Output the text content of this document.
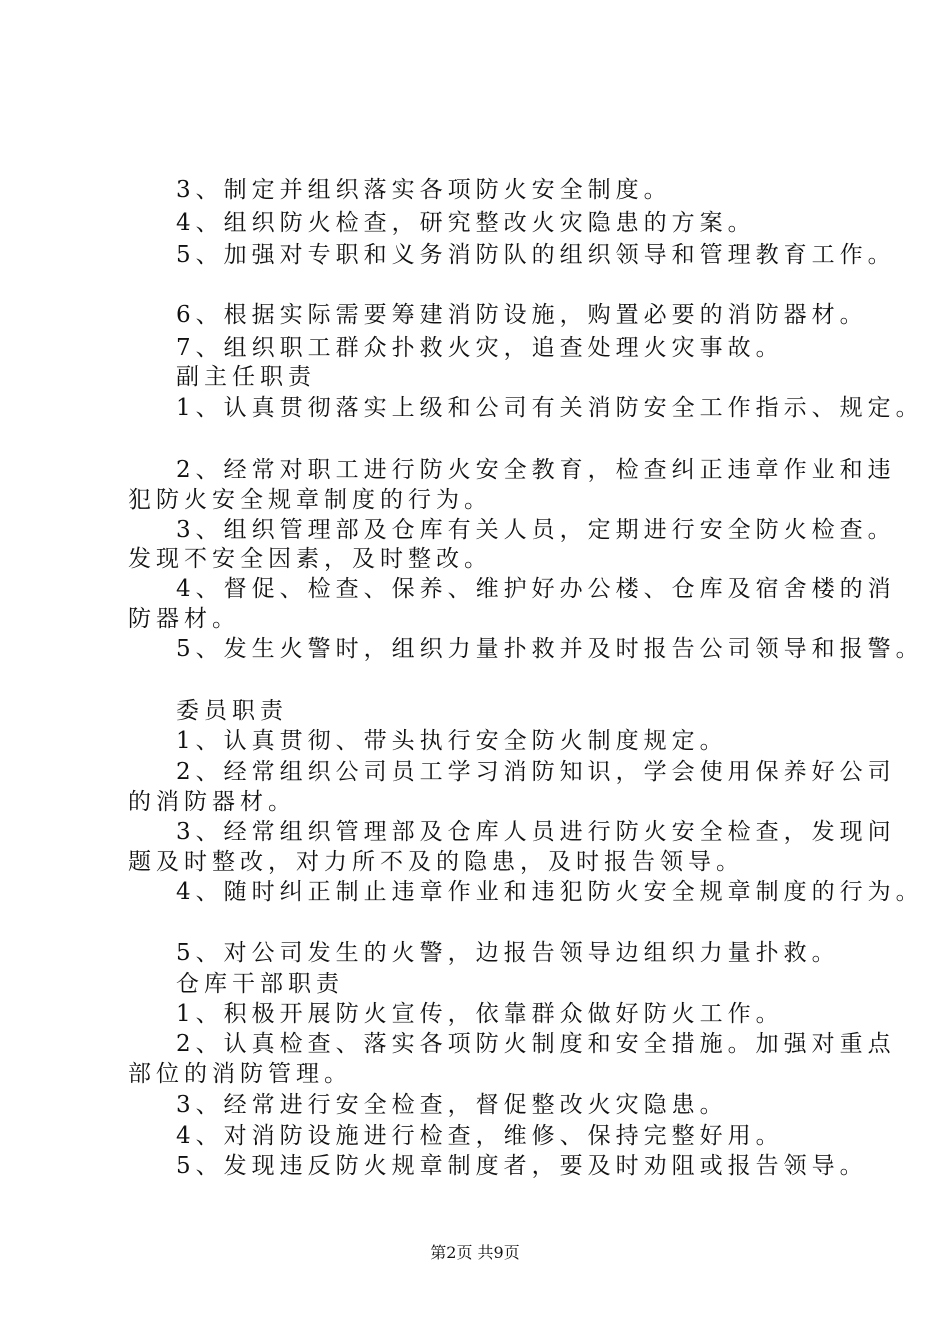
3、制定并组织落实各项防火安全制度。
4、组织防火检查，研究整改火灾隐患的方案。
5、加强对专职和义务消防队的组织领导和管理教育工作。
6、根据实际需要筹建消防设施，购置必要的消防器材。
7、组织职工群众扑救火灾，追查处理火灾事故。
副主任职责
1、认真贯彻落实上级和公司有关消防安全工作指示、规定。
2、经常对职工进行防火安全教育，检查纠正违章作业和违
犯防火安全规章制度的行为。
3、组织管理部及仓库有关人员，定期进行安全防火检查。
发现不安全因素，及时整改。
4、督促、检查、保养、维护好办公楼、仓库及宿舍楼的消
防器材。
5、发生火警时，组织力量扑救并及时报告公司领导和报警。
委员职责
1、认真贯彻、带头执行安全防火制度规定。
2、经常组织公司员工学习消防知识，学会使用保养好公司
的消防器材。
3、经常组织管理部及仓库人员进行防火安全检查，发现问
题及时整改，对力所不及的隐患，及时报告领导。
4、随时纠正制止违章作业和违犯防火安全规章制度的行为。
5、对公司发生的火警，边报告领导边组织力量扑救。
仓库干部职责
1、积极开展防火宣传，依靠群众做好防火工作。
2、认真检查、落实各项防火制度和安全措施。加强对重点
部位的消防管理。
3、经常进行安全检查，督促整改火灾隐患。
4、对消防设施进行检查，维修、保持完整好用。
5、发现违反防火规章制度者，要及时劝阻或报告领导。
第2页 共9页
